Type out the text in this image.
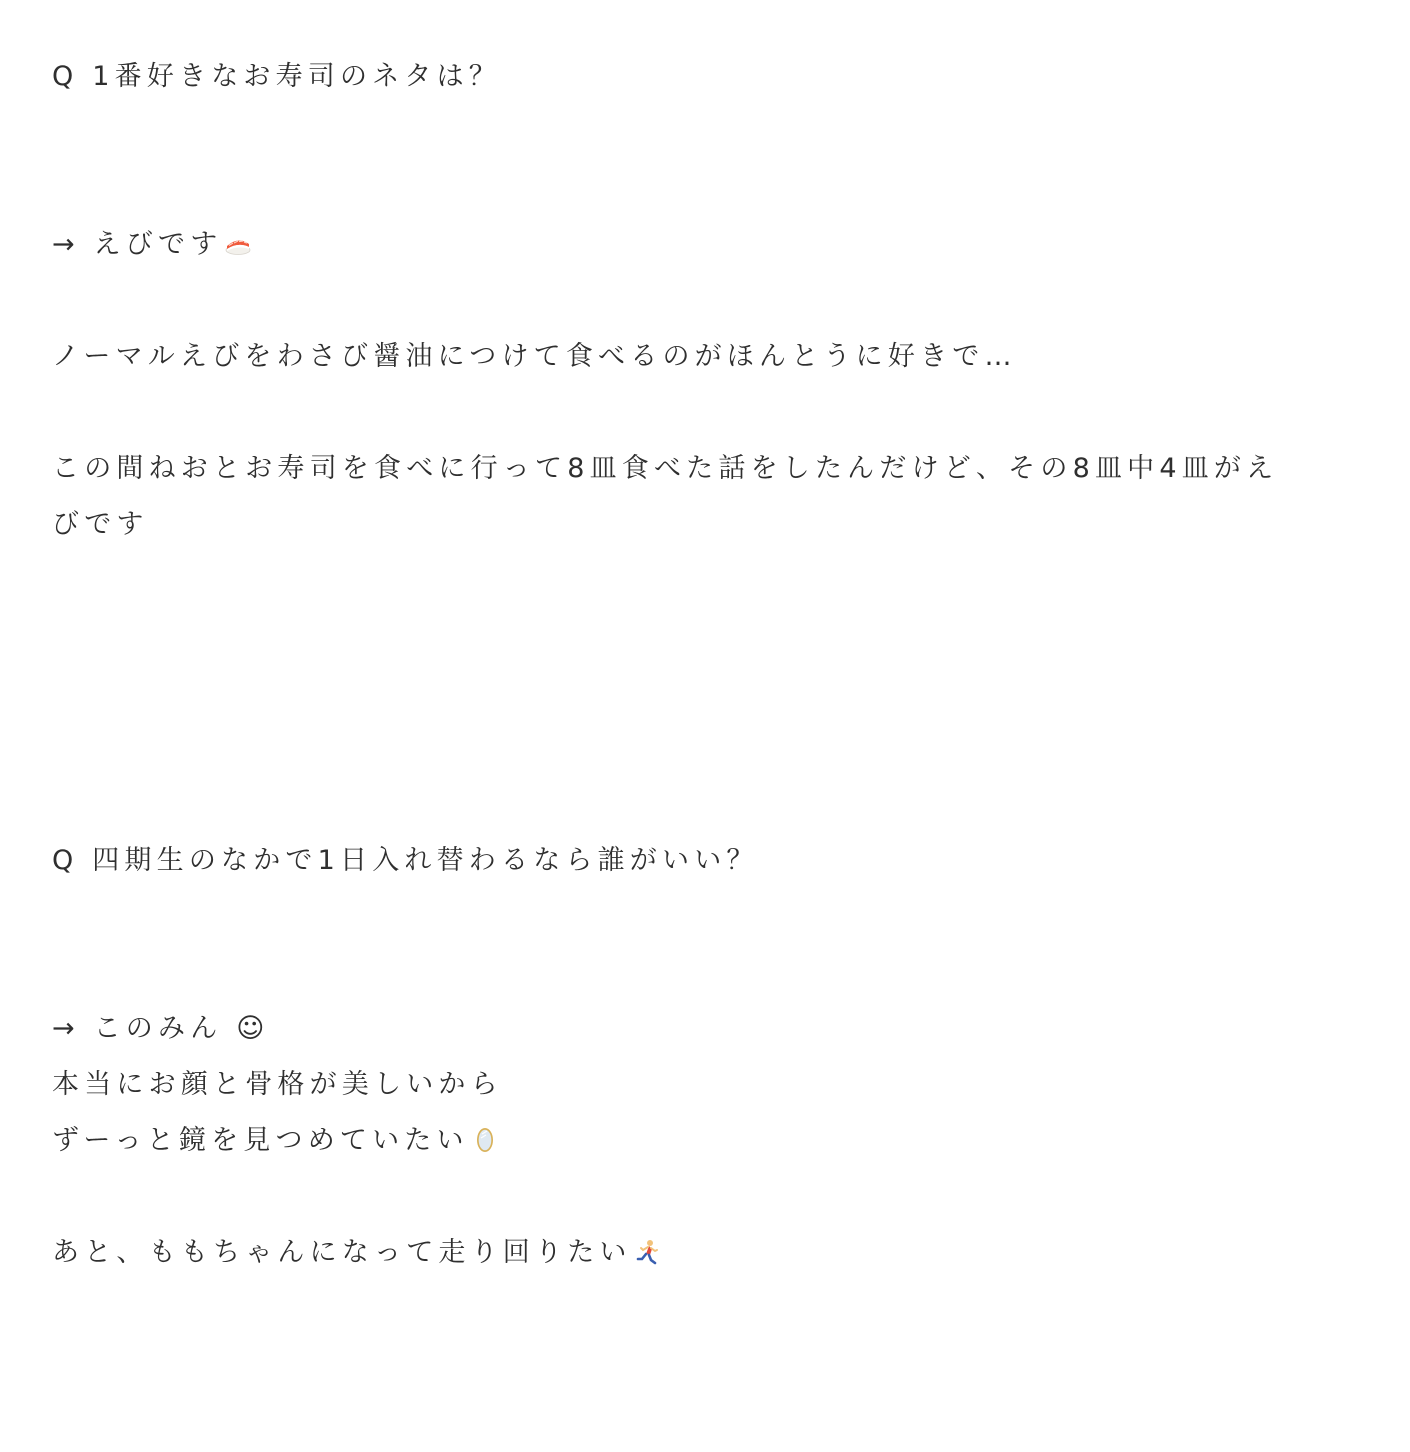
Q 1番好きなお寿司のネタは？
→ えびです
ノーマルえびをわさび醤油につけて食べるのがほんとうに好きで…
この間ねおとお寿司を食べに行って8皿食べた話をしたんだけど、その8皿中4皿がえ
びです
Q 四期生のなかで1日入れ替わるなら誰がいい？
→ このみん ☺
本当にお顔と骨格が美しいから
ずーっと鏡を見つめていたい
あと、ももちゃんになって走り回りたい
